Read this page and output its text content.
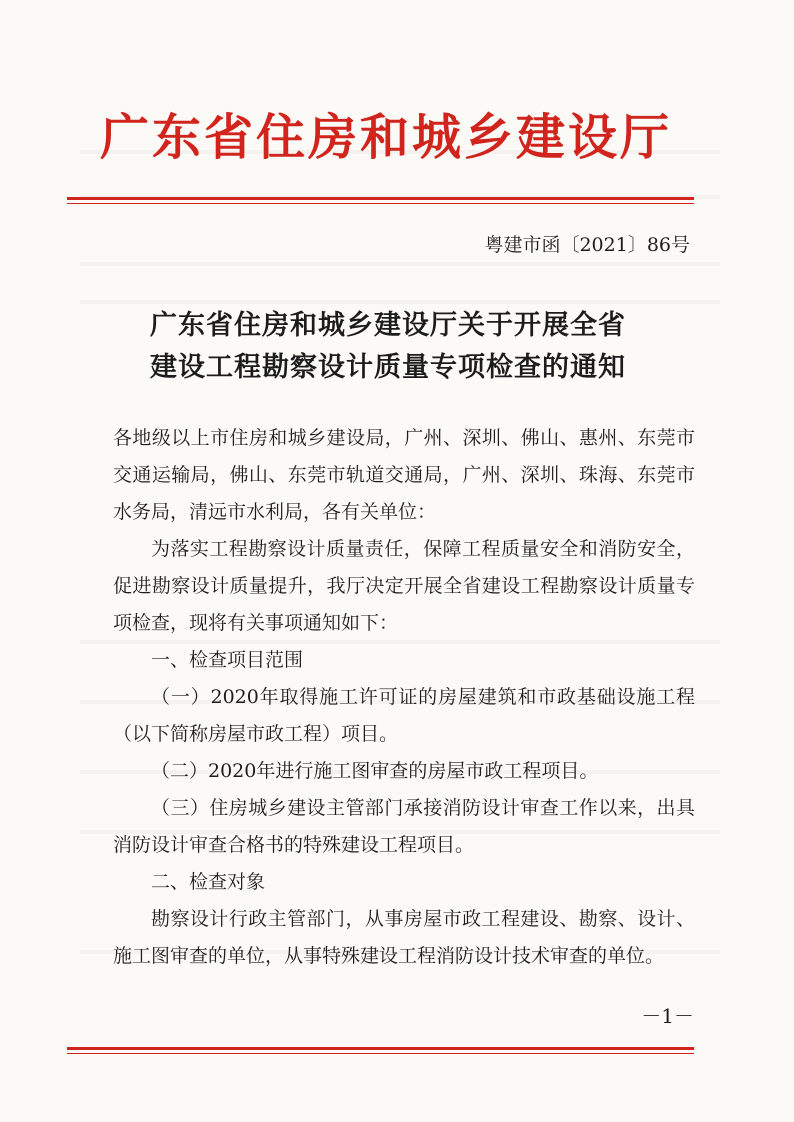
广东省住房和城乡建设厅
粤建市函〔2021〕86号
广东省住房和城乡建设厅关于开展全省
建设工程勘察设计质量专项检查的通知

各地级以上市住房和城乡建设局，广州、深圳、佛山、惠州、东莞市交通运输局，佛山、东莞市轨道交通局，广州、深圳、珠海、东莞市水务局，清远市水利局，各有关单位：

为落实工程勘察设计质量责任，保障工程质量安全和消防安全，促进勘察设计质量提升，我厅决定开展全省建设工程勘察设计质量专项检查，现将有关事项通知如下：

一、检查项目范围

（一）2020年取得施工许可证的房屋建筑和市政基础设施工程（以下简称房屋市政工程）项目。

（二）2020年进行施工图审查的房屋市政工程项目。

（三）住房城乡建设主管部门承接消防设计审查工作以来，出具消防设计审查合格书的特殊建设工程项目。

二、检查对象

勘察设计行政主管部门，从事房屋市政工程建设、勘察、设计、施工图审查的单位，从事特殊建设工程消防设计技术审查的单位。

－1－
